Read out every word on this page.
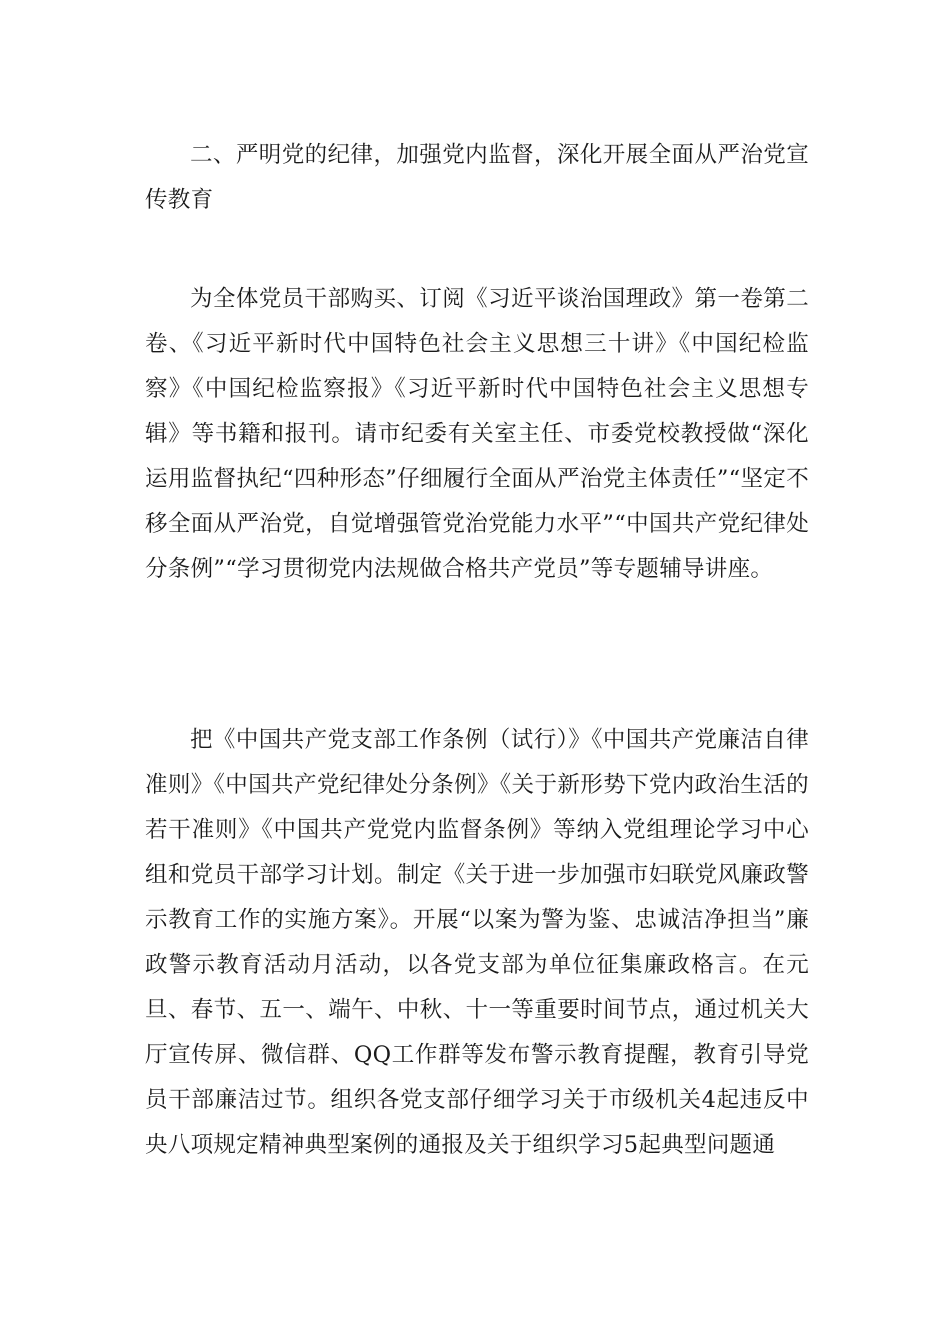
二、严明党的纪律，加强党内监督，深化开展全面从严治党宣传教育

为全体党员干部购买、订阅《习近平谈治国理政》第一卷第二卷、《习近平新时代中国特色社会主义思想三十讲》《中国纪检监察》《中国纪检监察报》《习近平新时代中国特色社会主义思想专辑》等书籍和报刊。请市纪委有关室主任、市委党校教授做“深化运用监督执纪“四种形态”仔细履行全面从严治党主体责任”“坚定不移全面从严治党，自觉增强管党治党能力水平”“中国共产党纪律处分条例”“学习贯彻党内法规做合格共产党员”等专题辅导讲座。

把《中国共产党支部工作条例（试行）》《中国共产党廉洁自律准则》《中国共产党纪律处分条例》《关于新形势下党内政治生活的若干准则》《中国共产党党内监督条例》等纳入党组理论学习中心组和党员干部学习计划。制定《关于进一步加强市妇联党风廉政警示教育工作的实施方案》。开展“以案为警为鉴、忠诚洁净担当”廉政警示教育活动月活动，以各党支部为单位征集廉政格言。在元旦、春节、五一、端午、中秋、十一等重要时间节点，通过机关大厅宣传屏、微信群、QQ工作群等发布警示教育提醒，教育引导党员干部廉洁过节。组织各党支部仔细学习关于市级机关4起违反中央八项规定精神典型案例的通报及关于组织学习5起典型问题通
